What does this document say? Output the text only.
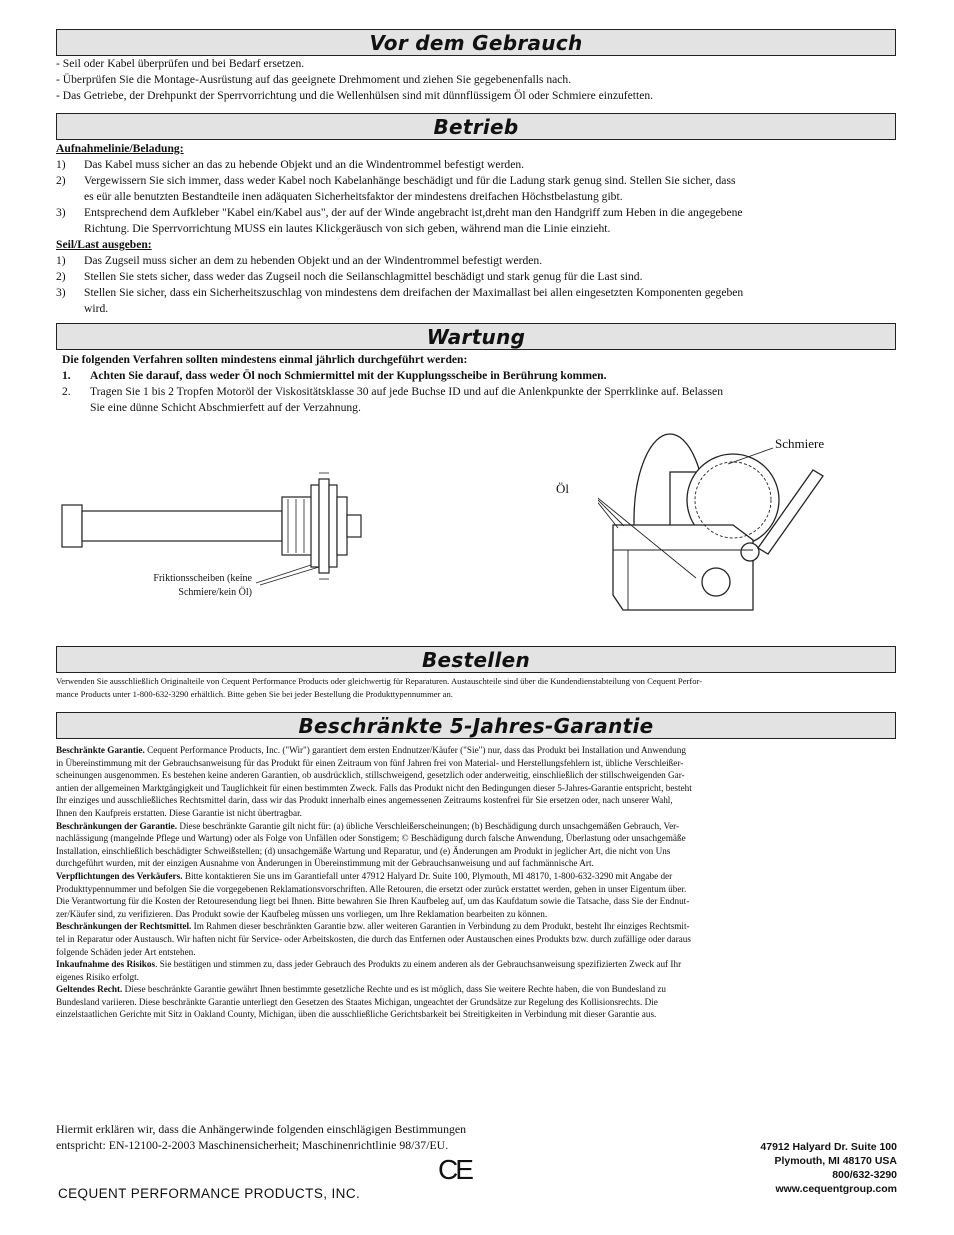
Vor dem Gebrauch
- Seil oder Kabel überprüfen und bei Bedarf ersetzen.
- Überprüfen Sie die Montage-Ausrüstung auf das geeignete Drehmoment und ziehen Sie gegebenenfalls nach.
- Das Getriebe, der Drehpunkt der Sperrvorrichtung und die Wellenhülsen sind mit dünnflüssigem Öl oder Schmiere einzufetten.
Betrieb
Aufnahmelinie/Beladung:
1) Das Kabel muss sicher an das zu hebende Objekt und an die Windentrommel befestigt werden.
2) Vergewissern Sie sich immer, dass weder Kabel noch Kabelanhänge beschädigt und für die Ladung stark genug sind. Stellen Sie sicher, dass
es eür alle benutzten Bestandteile inen adäquaten Sicherheitsfaktor der mindestens dreifachen Höchstbelastung gibt.
3) Entsprechend dem Aufkleber "Kabel ein/Kabel aus", der auf der Winde angebracht ist,dreht man den Handgriff zum Heben in die angegebene
Richtung. Die Sperrvorrichtung MUSS ein lautes Klickgeräusch von sich geben, während man die Linie einzieht.
Seil/Last ausgeben:
1) Das Zugseil muss sicher an dem zu hebenden Objekt und an der Windentrommel befestigt werden.
2) Stellen Sie stets sicher, dass weder das Zugseil noch die Seilanschlagmittel beschädigt und stark genug für die Last sind.
3) Stellen Sie sicher, dass ein Sicherheitszuschlag von mindestens dem dreifachen der Maximallast bei allen eingesetzten Komponenten gegeben
wird.
Wartung
Die folgenden Verfahren sollten mindestens einmal jährlich durchgeführt werden:
1. Achten Sie darauf, dass weder Öl noch Schmiermittel mit der Kupplungsscheibe in Berührung kommen.
2. Tragen Sie 1 bis 2 Tropfen Motoröl der Viskositätsklasse 30 auf jede Buchse ID und auf die Anlenkpunkte der Sperrklinke auf. Belassen
Sie eine dünne Schicht Abschmierfett auf der Verzahnung.
Friktionsscheiben (keine
Schmiere/kein Öl)
Schmiere
Öl
Bestellen
Verwenden Sie ausschließlich Originalteile von Cequent Performance Products oder gleichwertig für Reparaturen. Austauschteile sind über die Kundendienstabteilung von Cequent Perfor-
mance Products unter 1-800-632-3290 erhältlich. Bitte geben Sie bei jeder Bestellung die Produkttypennummer an.
Beschränkte 5-Jahres-Garantie
Beschränkte Garantie. Cequent Performance Products, Inc. ("Wir") garantiert dem ersten Endnutzer/Käufer ("Sie") nur, dass das Produkt bei Installation und Anwendung
in Übereinstimmung mit der Gebrauchsanweisung für das Produkt für einen Zeitraum von fünf Jahren frei von Material- und Herstellungsfehlern ist, übliche Verschleißer-
scheinungen ausgenommen. Es bestehen keine anderen Garantien, ob ausdrücklich, stillschweigend, gesetzlich oder anderweitig, einschließlich der stillschweigenden Gar-
antien der allgemeinen Marktgängigkeit und Tauglichkeit für einen bestimmten Zweck. Falls das Produkt nicht den Bedingungen dieser 5-Jahres-Garantie entspricht, besteht
Ihr einziges und ausschließliches Rechtsmittel darin, dass wir das Produkt innerhalb eines angemessenen Zeitraums kostenfrei für Sie ersetzen oder, nach unserer Wahl,
Ihnen den Kaufpreis erstatten. Diese Garantie ist nicht übertragbar.
Beschränkungen der Garantie. Diese beschränkte Garantie gilt nicht für: (a) übliche Verschleißerscheinungen; (b) Beschädigung durch unsachgemäßen Gebrauch, Ver-
nachlässigung (mangelnde Pflege und Wartung) oder als Folge von Unfällen oder Sonstigem; © Beschädigung durch falsche Anwendung, Überlastung oder unsachgemäße
Installation, einschließlich beschädigter Schweißstellen; (d) unsachgemäße Wartung und Reparatur, und (e) Änderungen am Produkt in jeglicher Art, die nicht von Uns
durchgeführt wurden, mit der einzigen Ausnahme von Änderungen in Übereinstimmung mit der Gebrauchsanweisung und auf fachmännische Art.
Verpflichtungen des Verkäufers. Bitte kontaktieren Sie uns im Garantiefall unter 47912 Halyard Dr. Suite 100, Plymouth, MI 48170, 1-800-632-3290 mit Angabe der
Produkttypennummer und befolgen Sie die vorgegebenen Reklamationsvorschriften. Alle Retouren, die ersetzt oder zurück erstattet werden, gehen in unser Eigentum über.
Die Verantwortung für die Kosten der Retouresendung liegt bei Ihnen. Bitte bewahren Sie Ihren Kaufbeleg auf, um das Kaufdatum sowie die Tatsache, dass Sie der Endnut-
zer/Käufer sind, zu verifizieren. Das Produkt sowie der Kaufbeleg müssen uns vorliegen, um Ihre Reklamation bearbeiten zu können.
Beschränkungen der Rechtsmittel. Im Rahmen dieser beschränkten Garantie bzw. aller weiteren Garantien in Verbindung zu dem Produkt, besteht Ihr einziges Rechtsmit-
tel in Reparatur oder Austausch. Wir haften nicht für Service- oder Arbeitskosten, die durch das Entfernen oder Austauschen eines Produkts bzw. durch zufällige oder daraus
folgende Schäden jeder Art entstehen.
Inkaufnahme des Risikos. Sie bestätigen und stimmen zu, dass jeder Gebrauch des Produkts zu einem anderen als der Gebrauchsanweisung spezifizierten Zweck auf Ihr
eigenes Risiko erfolgt.
Geltendes Recht. Diese beschränkte Garantie gewährt Ihnen bestimmte gesetzliche Rechte und es ist möglich, dass Sie weitere Rechte haben, die von Bundesland zu
Bundesland variieren. Diese beschränkte Garantie unterliegt den Gesetzen des Staates Michigan, ungeachtet der Grundsätze zur Regelung des Kollisionsrechts. Die
einzelstaatlichen Gerichte mit Sitz in Oakland County, Michigan, üben die ausschließliche Gerichtsbarkeit bei Streitigkeiten in Verbindung mit dieser Garantie aus.
Hiermit erklären wir, dass die Anhängerwinde folgenden einschlägigen Bestimmungen
entspricht: EN-12100-2-2003 Maschinensicherheit; Maschinenrichtlinie 98/37/EU.
CE
CEQUENT PERFORMANCE PRODUCTS, INC.
47912 Halyard Dr. Suite 100
Plymouth, MI 48170 USA
800/632-3290
www.cequentgroup.com
